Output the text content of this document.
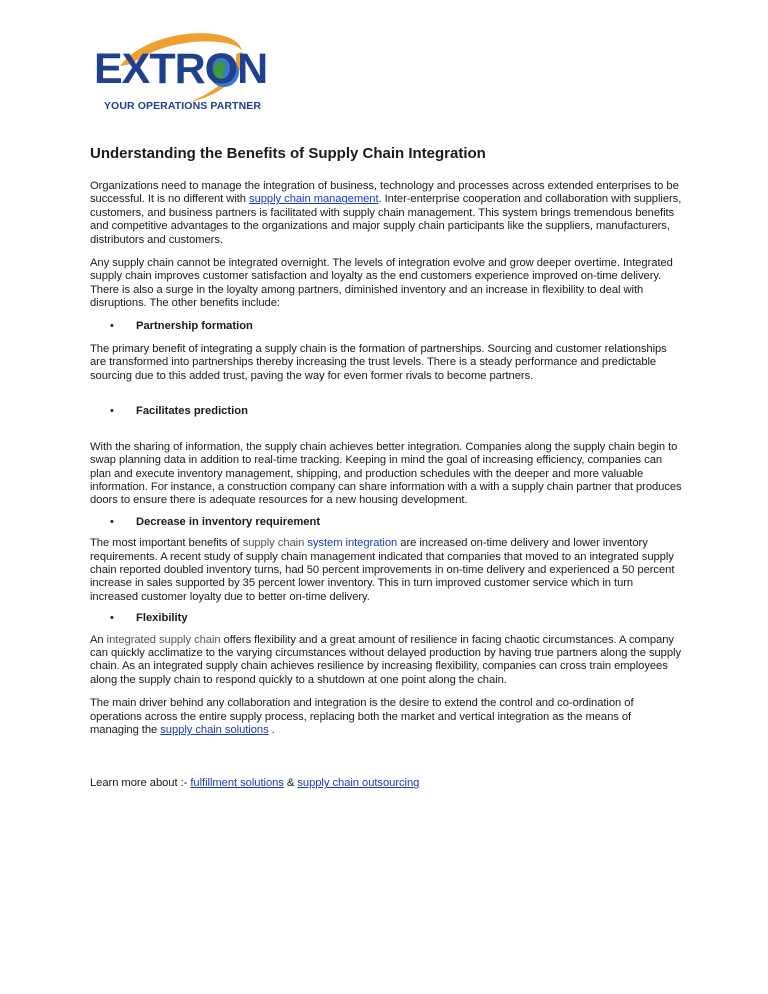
EXTRON
YOUR OPERATIONS PARTNER
Understanding the Benefits of Supply Chain Integration

Organizations need to manage the integration of business, technology and processes across extended enterprises to be successful. It is no different with supply chain management. Inter-enterprise cooperation and collaboration with suppliers, customers, and business partners is facilitated with supply chain management. This system brings tremendous benefits and competitive advantages to the organizations and major supply chain participants like the suppliers, manufacturers, distributors and customers.

Any supply chain cannot be integrated overnight. The levels of integration evolve and grow deeper overtime. Integrated supply chain improves customer satisfaction and loyalty as the end customers experience improved on-time delivery. There is also a surge in the loyalty among partners, diminished inventory and an increase in flexibility to deal with disruptions. The other benefits include:

• Partnership formation

The primary benefit of integrating a supply chain is the formation of partnerships. Sourcing and customer relationships are transformed into partnerships thereby increasing the trust levels. There is a steady performance and predictable sourcing due to this added trust, paving the way for even former rivals to become partners.

• Facilitates prediction

With the sharing of information, the supply chain achieves better integration. Companies along the supply chain begin to swap planning data in addition to real-time tracking. Keeping in mind the goal of increasing efficiency, companies can plan and execute inventory management, shipping, and production schedules with the deeper and more valuable information. For instance, a construction company can share information with a with a supply chain partner that produces doors to ensure there is adequate resources for a new housing development.

• Decrease in inventory requirement

The most important benefits of supply chain system integration are increased on-time delivery and lower inventory requirements. A recent study of supply chain management indicated that companies that moved to an integrated supply chain reported doubled inventory turns, had 50 percent improvements in on-time delivery and experienced a 50 percent increase in sales supported by 35 percent lower inventory. This in turn improved customer service which in turn increased customer loyalty due to better on-time delivery.

• Flexibility

An integrated supply chain offers flexibility and a great amount of resilience in facing chaotic circumstances. A company can quickly acclimatize to the varying circumstances without delayed production by having true partners along the supply chain. As an integrated supply chain achieves resilience by increasing flexibility, companies can cross train employees along the supply chain to respond quickly to a shutdown at one point along the chain.

The main driver behind any collaboration and integration is the desire to extend the control and co-ordination of operations across the entire supply process, replacing both the market and vertical integration as the means of managing the supply chain solutions .

Learn more about :- fulfillment solutions & supply chain outsourcing
